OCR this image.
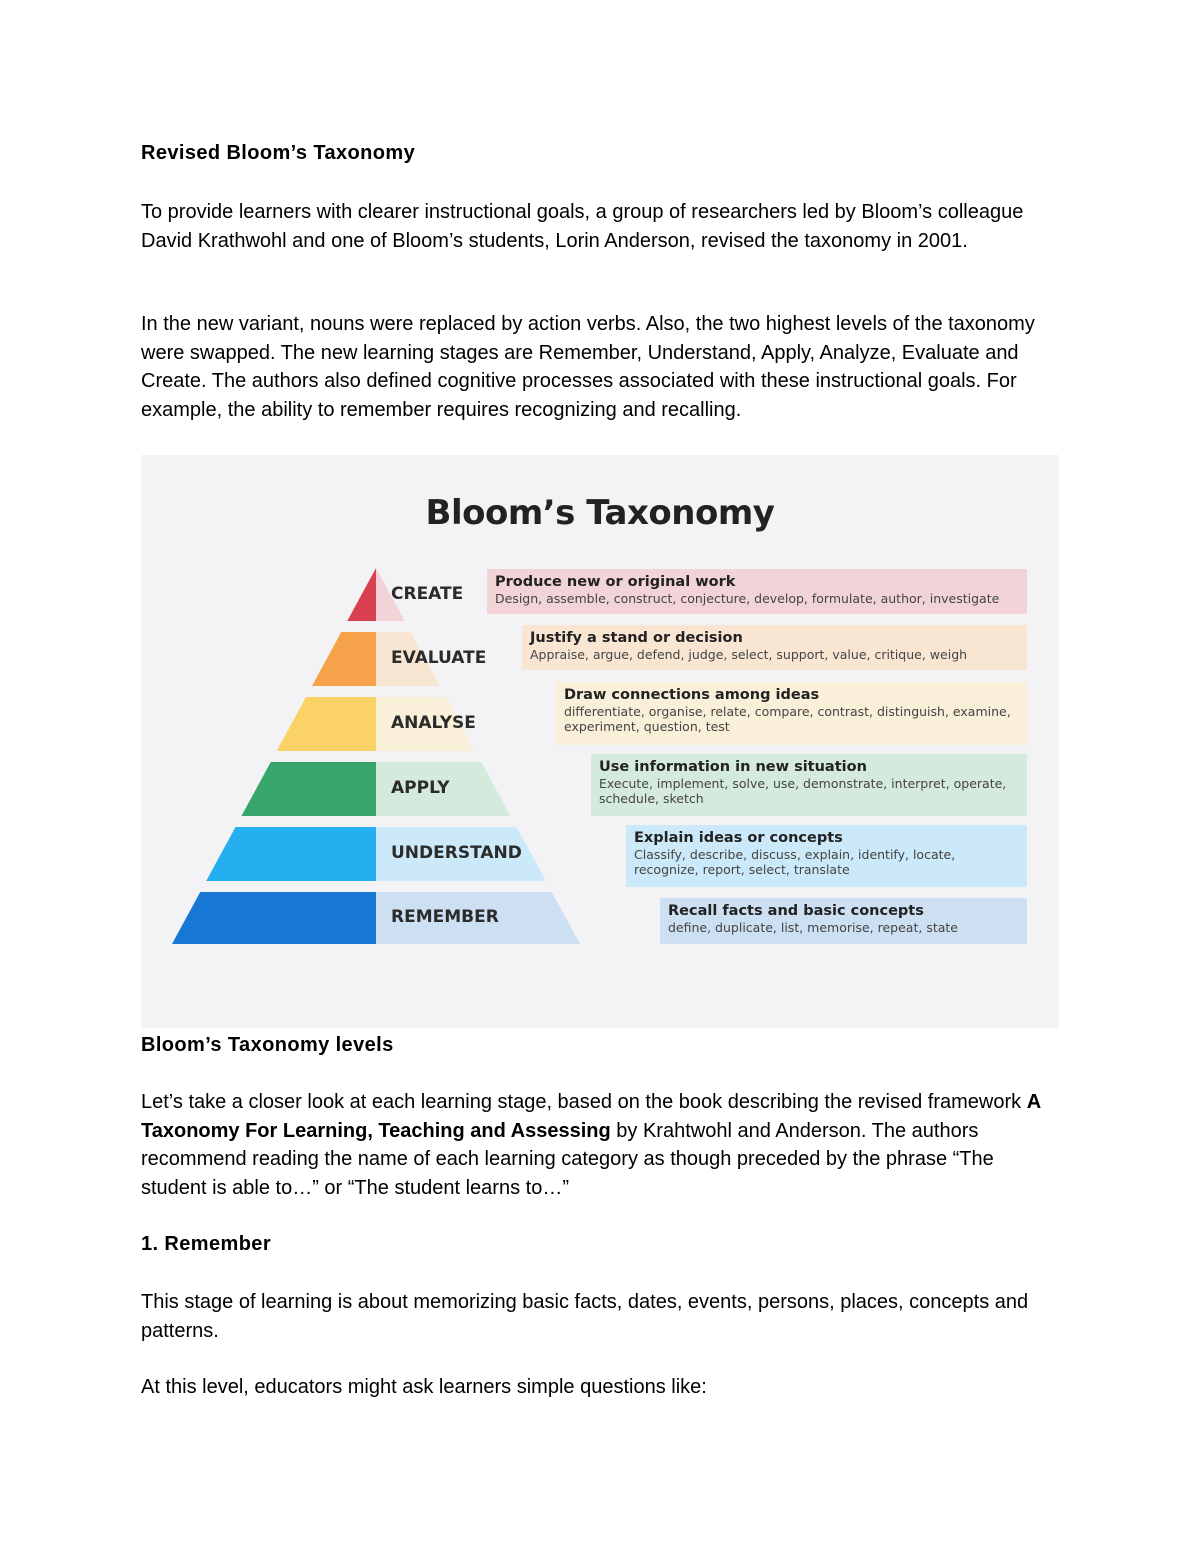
Revised Bloom’s Taxonomy
To provide learners with clearer instructional goals, a group of researchers led by Bloom’s colleague David Krathwohl and one of Bloom’s students, Lorin Anderson, revised the taxonomy in 2001.
In the new variant, nouns were replaced by action verbs. Also, the two highest levels of the taxonomy were swapped. The new learning stages are Remember, Understand, Apply, Analyze, Evaluate and Create. The authors also defined cognitive processes associated with these instructional goals. For example, the ability to remember requires recognizing and recalling.
Bloom’s Taxonomy levels
Let’s take a closer look at each learning stage, based on the book describing the revised framework A Taxonomy For Learning, Teaching and Assessing by Krahtwohl and Anderson. The authors recommend reading the name of each learning category as though preceded by the phrase “The student is able to…” or “The student learns to…”
1. Remember
This stage of learning is about memorizing basic facts, dates, events, persons, places, concepts and patterns.
At this level, educators might ask learners simple questions like:
Bloom’s Taxonomy
CREATE
EVALUATE
ANALYSE
APPLY
UNDERSTAND
REMEMBER
Produce new or original work
Design, assemble, construct, conjecture, develop, formulate, author, investigate
Justify a stand or decision
Appraise, argue, defend, judge, select, support, value, critique, weigh
Draw connections among ideas
differentiate, organise, relate, compare, contrast, distinguish, examine, experiment, question, test
Use information in new situation
Execute, implement, solve, use, demonstrate, interpret, operate, schedule, sketch
Explain ideas or concepts
Classify, describe, discuss, explain, identify, locate, recognize, report, select, translate
Recall facts and basic concepts
define, duplicate, list, memorise, repeat, state
